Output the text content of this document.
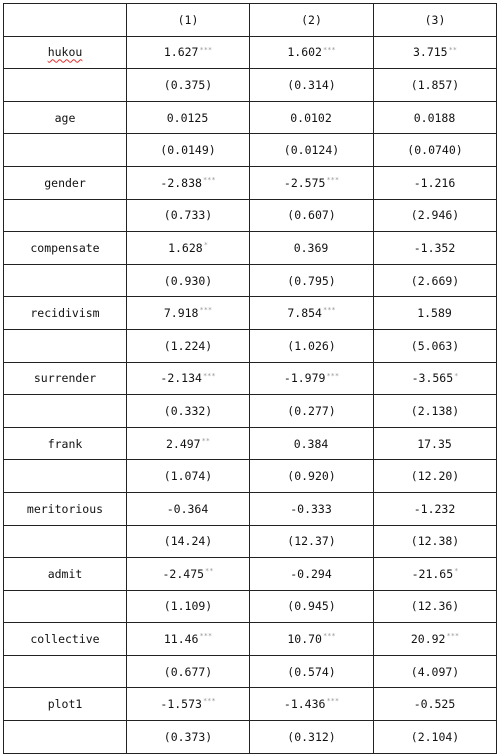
	(1)	(2)	(3)
hukou	1.627***	1.602***	3.715**
	(0.375)	(0.314)	(1.857)
age	0.0125	0.0102	0.0188
	(0.0149)	(0.0124)	(0.0740)
gender	-2.838***	-2.575***	-1.216
	(0.733)	(0.607)	(2.946)
compensate	1.628*	0.369	-1.352
	(0.930)	(0.795)	(2.669)
recidivism	7.918***	7.854***	1.589
	(1.224)	(1.026)	(5.063)
surrender	-2.134***	-1.979***	-3.565*
	(0.332)	(0.277)	(2.138)
frank	2.497**	0.384	17.35
	(1.074)	(0.920)	(12.20)
meritorious	-0.364	-0.333	-1.232
	(14.24)	(12.37)	(12.38)
admit	-2.475**	-0.294	-21.65*
	(1.109)	(0.945)	(12.36)
collective	11.46***	10.70***	20.92***
	(0.677)	(0.574)	(4.097)
plot1	-1.573***	-1.436***	-0.525
	(0.373)	(0.312)	(2.104)
